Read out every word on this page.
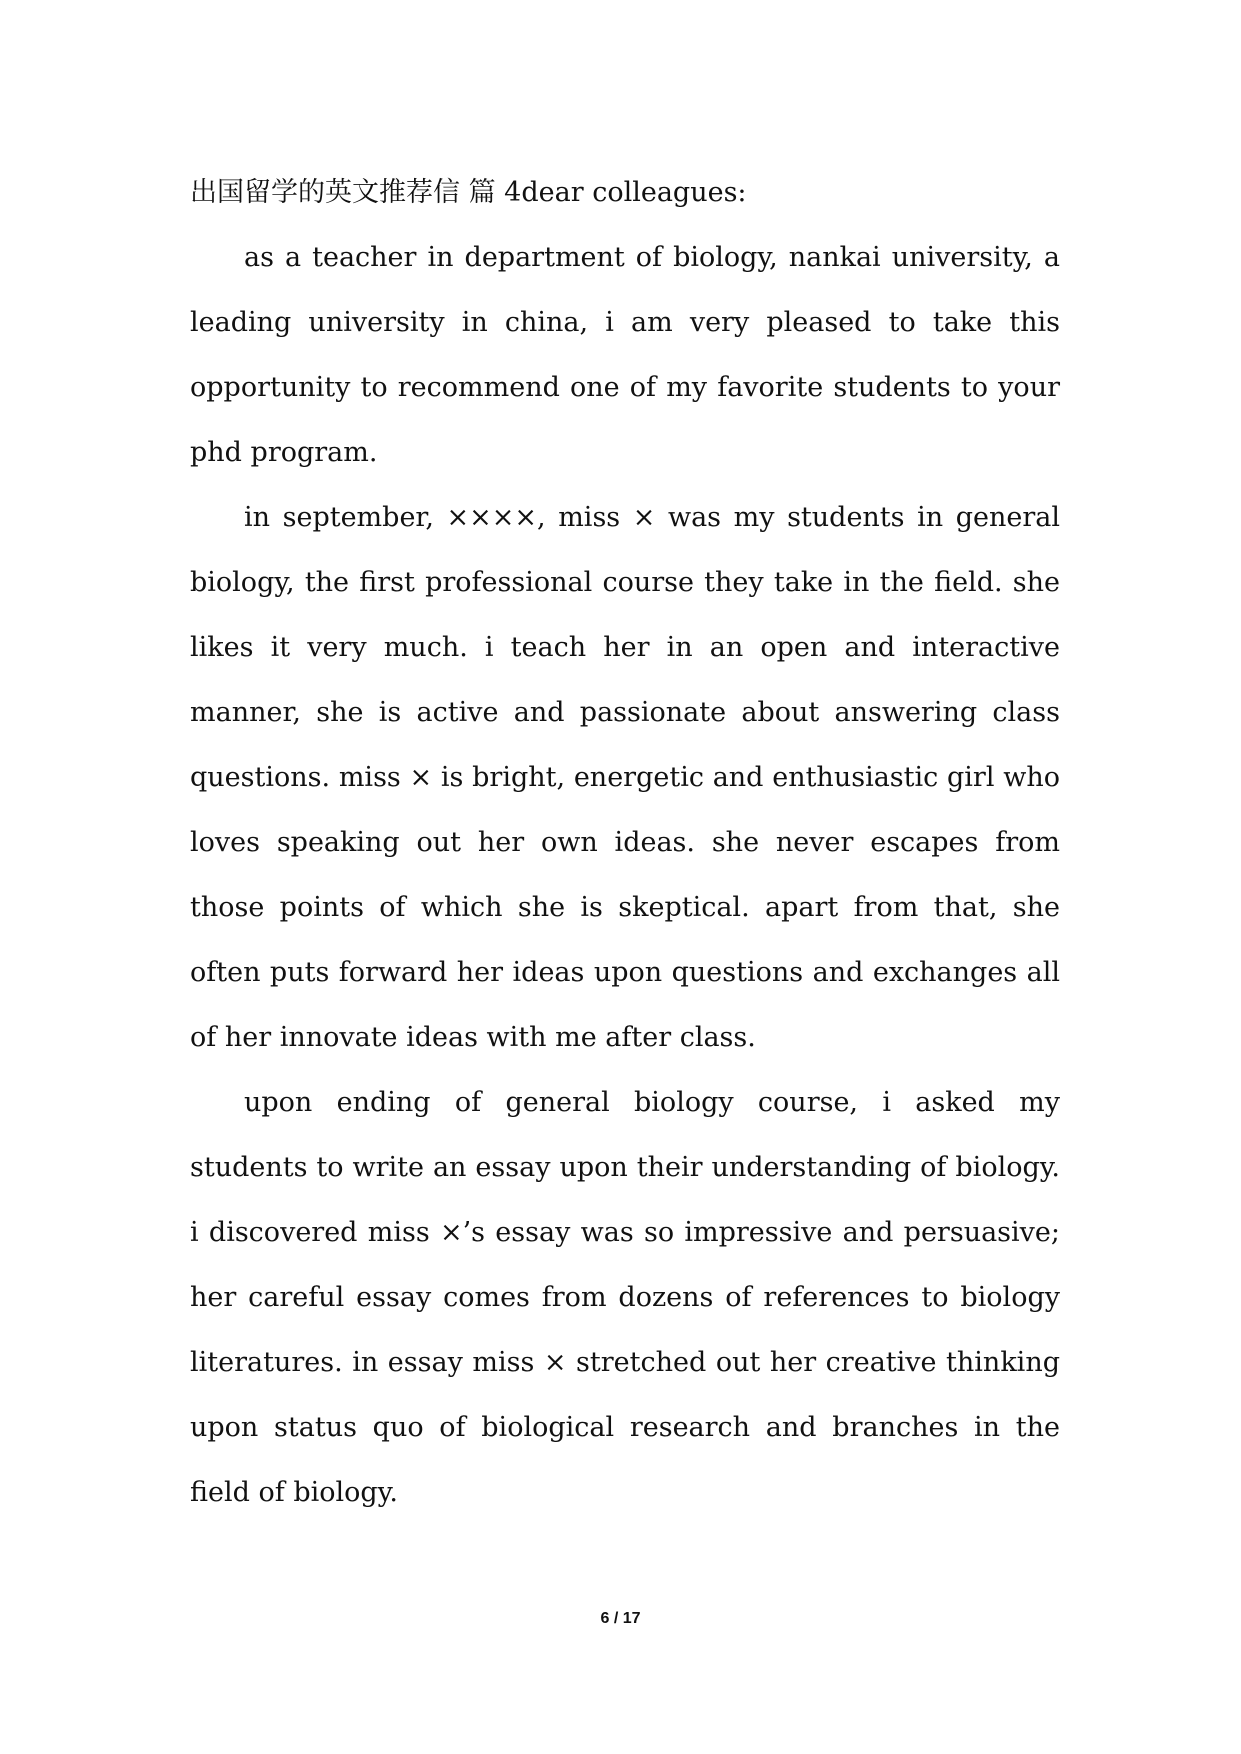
出国留学的英文推荐信 篇 4dear colleagues:

as a teacher in department of biology, nankai university, a leading university in china, i am very pleased to take this opportunity to recommend one of my favorite students to your phd program.

in september, ××××, miss × was my students in general biology, the first professional course they take in the field. she likes it very much. i teach her in an open and interactive manner, she is active and passionate about answering class questions. miss × is bright, energetic and enthusiastic girl who loves speaking out her own ideas. she never escapes from those points of which she is skeptical. apart from that, she often puts forward her ideas upon questions and exchanges all of her innovate ideas with me after class.

upon ending of general biology course, i asked my students to write an essay upon their understanding of biology. i discovered miss ×’s essay was so impressive and persuasive; her careful essay comes from dozens of references to biology literatures. in essay miss × stretched out her creative thinking upon status quo of biological research and branches in the field of biology.

6 / 17
